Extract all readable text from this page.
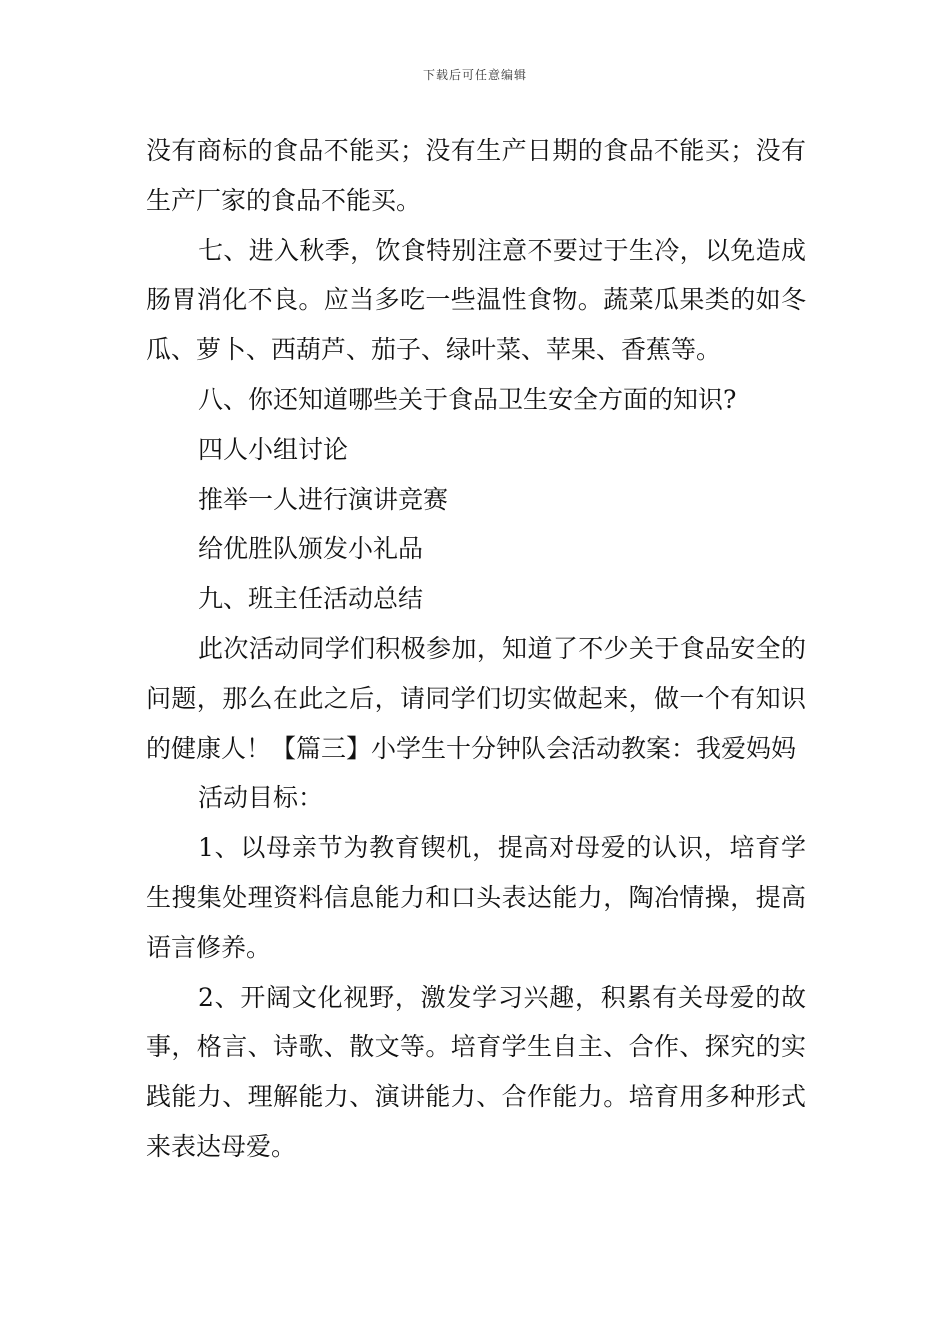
下载后可任意编辑

没有商标的食品不能买；没有生产日期的食品不能买；没有生产厂家的食品不能买。

七、进入秋季，饮食特别注意不要过于生冷，以免造成肠胃消化不良。应当多吃一些温性食物。蔬菜瓜果类的如冬瓜、萝卜、西葫芦、茄子、绿叶菜、苹果、香蕉等。

八、你还知道哪些关于食品卫生安全方面的知识?

四人小组讨论

推举一人进行演讲竞赛

给优胜队颁发小礼品

九、班主任活动总结

此次活动同学们积极参加，知道了不少关于食品安全的问题，那么在此之后，请同学们切实做起来，做一个有知识的健康人！【篇三】小学生十分钟队会活动教案：我爱妈妈

活动目标：

1、以母亲节为教育锲机，提高对母爱的认识，培育学生搜集处理资料信息能力和口头表达能力，陶冶情操，提高语言修养。

2、开阔文化视野，激发学习兴趣，积累有关母爱的故事，格言、诗歌、散文等。培育学生自主、合作、探究的实践能力、理解能力、演讲能力、合作能力。培育用多种形式来表达母爱。
